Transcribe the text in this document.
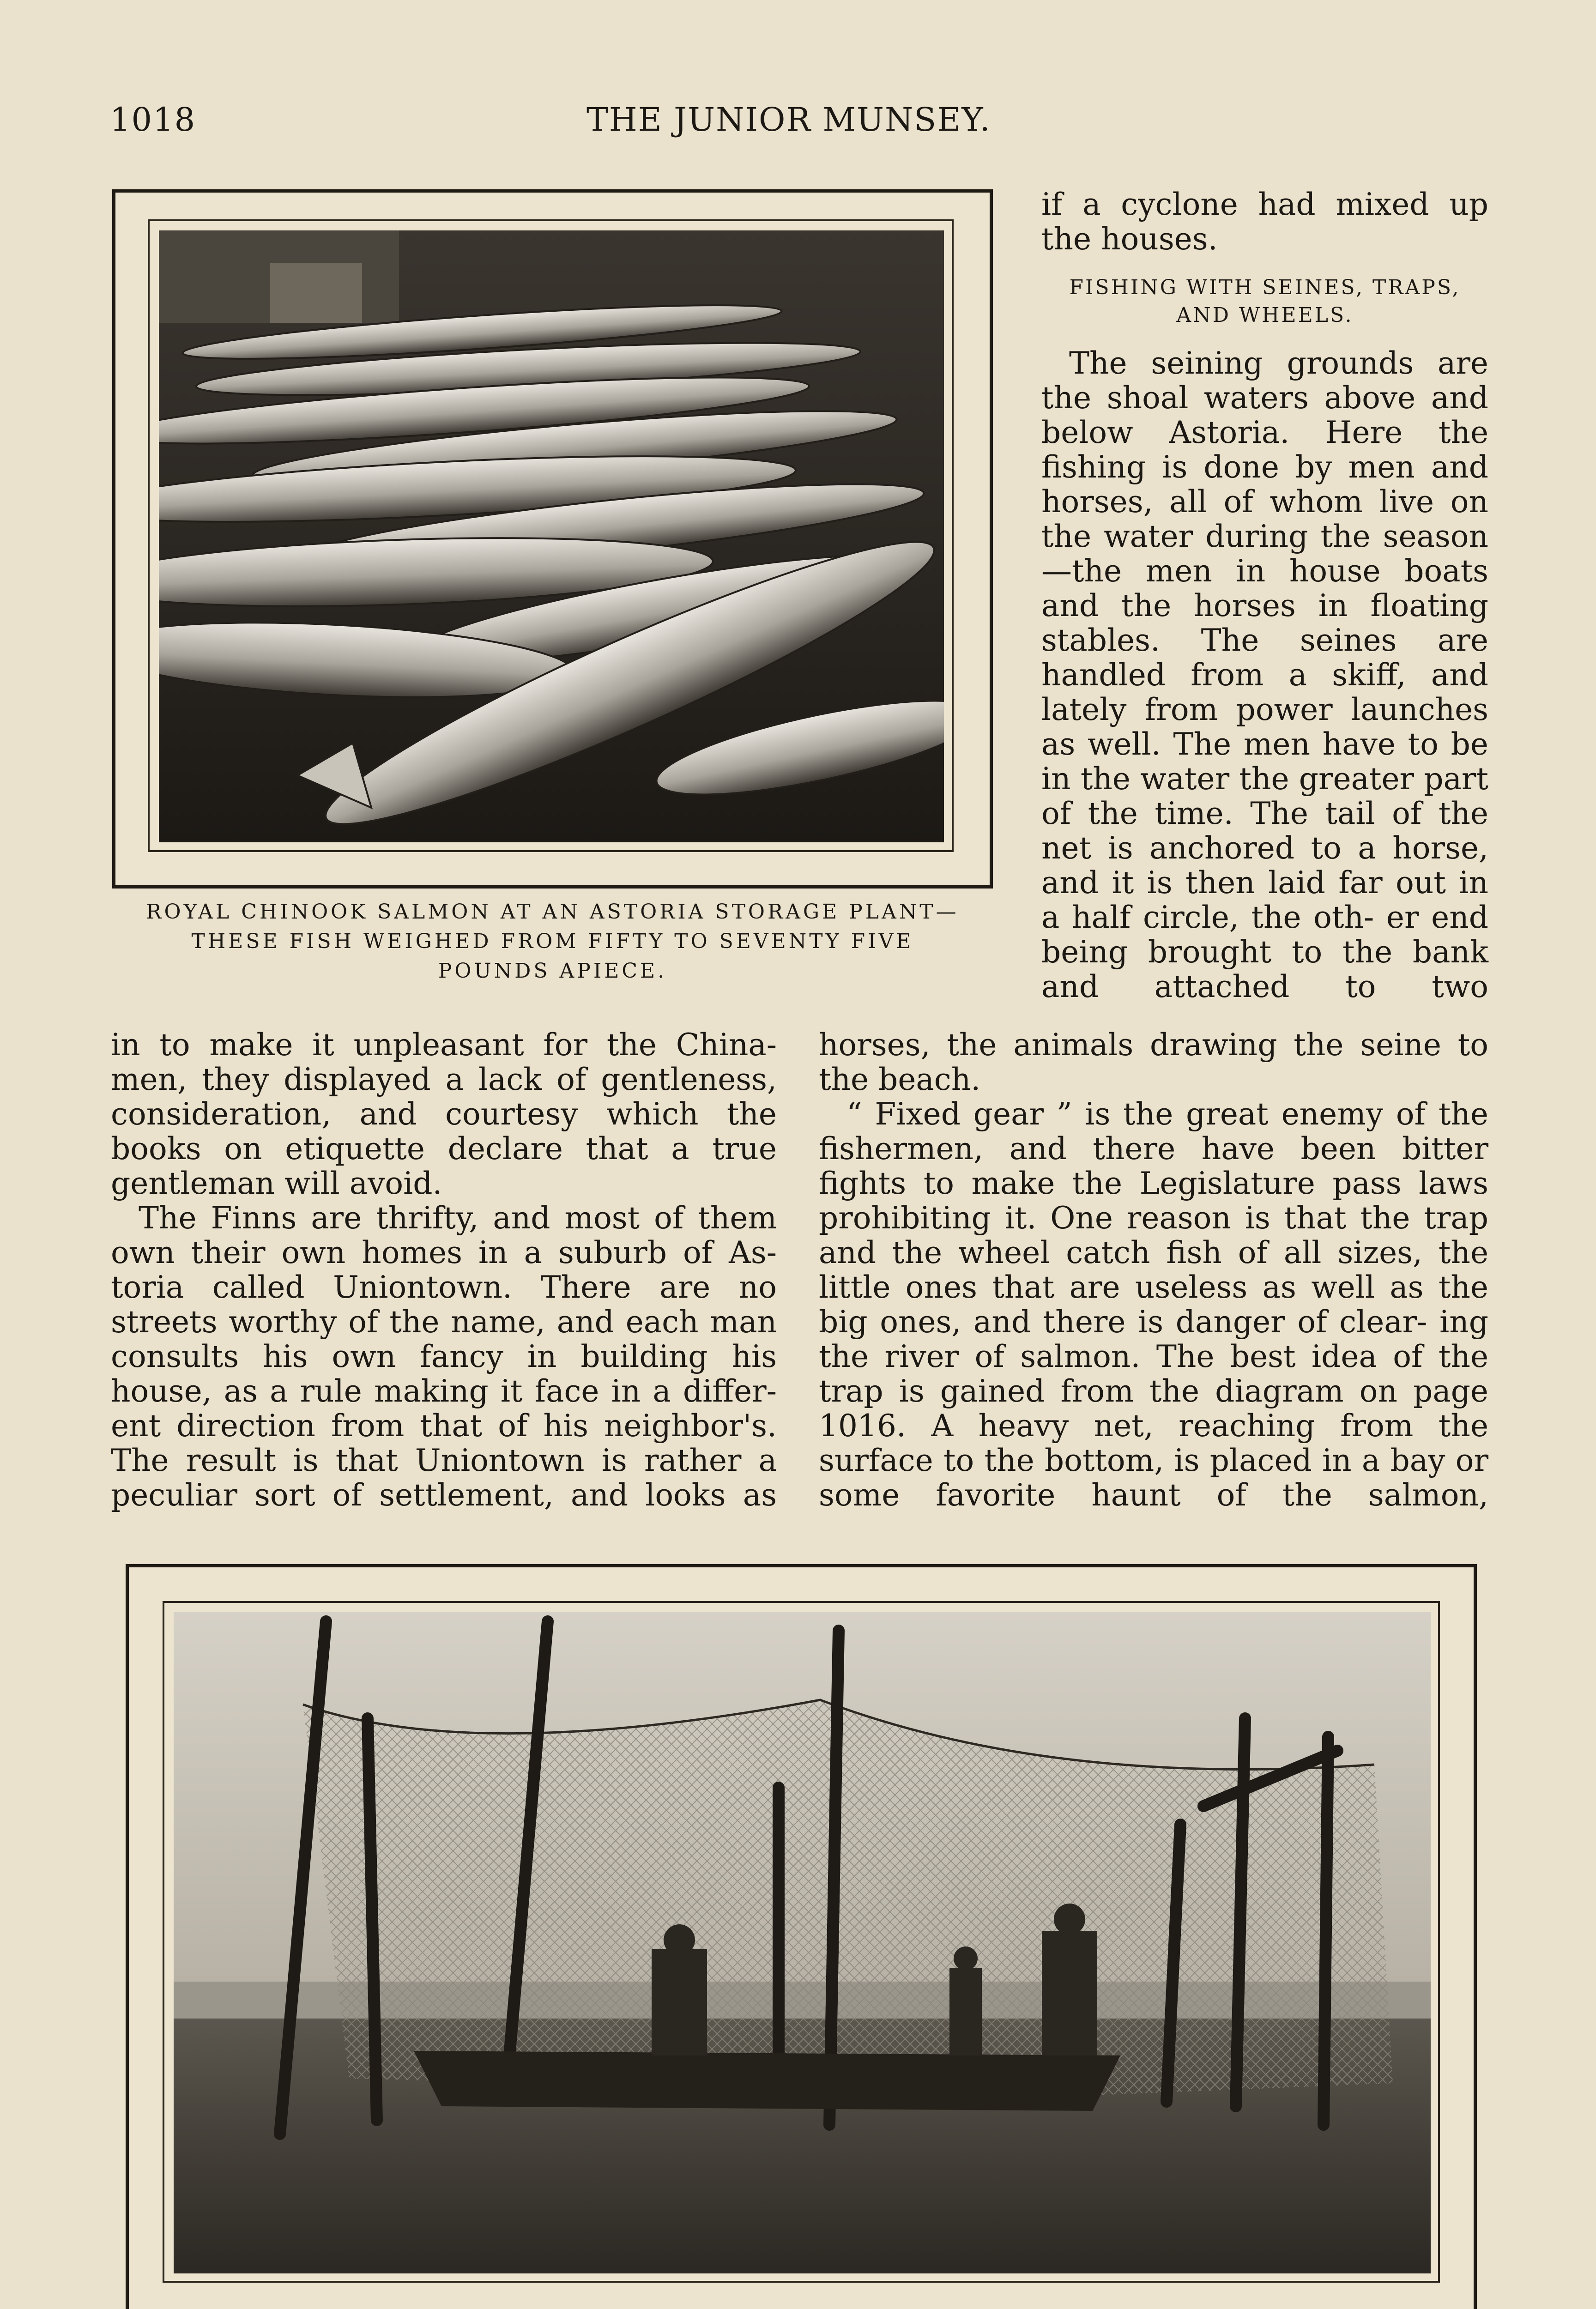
1018	THE JUNIOR MUNSEY.
ROYAL CHINOOK SALMON AT AN ASTORIA STORAGE PLANT—
THESE FISH WEIGHED FROM FIFTY TO SEVENTY FIVE
POUNDS APIECE.

if a cyclone had mixed up the houses.

FISHING WITH SEINES, TRAPS,
AND WHEELS.

The seining grounds are the shoal waters above and below Astoria. Here the fishing is done by men and horses, all of whom live on the water during the season —the men in house boats and the horses in floating stables. The seines are handled from a skiff, and lately from power launches as well. The men have to be in the water the greater part of the time. The tail of the net is anchored to a horse, and it is then laid far out in a half circle, the oth- er end being brought to the bank and attached to two

in to make it unpleasant for the China- men, they displayed a lack of gentleness, consideration, and courtesy which the books on etiquette declare that a true gentleman will avoid.

The Finns are thrifty, and most of them own their own homes in a suburb of As- toria called Uniontown. There are no streets worthy of the name, and each man consults his own fancy in building his house, as a rule making it face in a differ- ent direction from that of his neighbor's. The result is that Uniontown is rather a peculiar sort of settlement, and looks as

horses, the animals drawing the seine to the beach.

“ Fixed gear ” is the great enemy of the fishermen, and there have been bitter fights to make the Legislature pass laws prohibiting it. One reason is that the trap and the wheel catch fish of all sizes, the little ones that are useless as well as the big ones, and there is danger of clear- ing the river of salmon. The best idea of the trap is gained from the diagram on page 1016. A heavy net, reaching from the surface to the bottom, is placed in a bay or some favorite haunt of the salmon,
